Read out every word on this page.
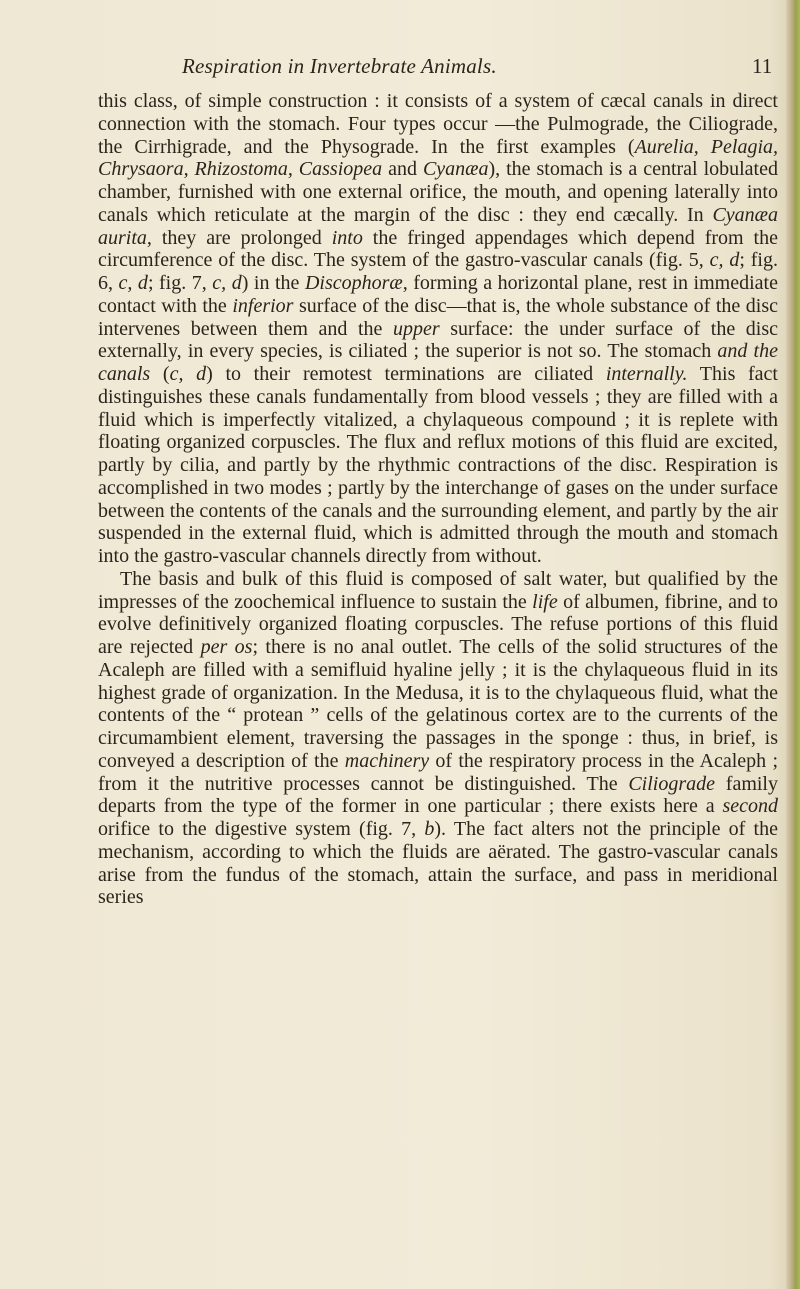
Respiration in Invertebrate Animals.	11

this class, of simple construction : it consists of a system of cæcal canals in direct connection with the stomach. Four types occur —the Pulmograde, the Ciliograde, the Cirrhigrade, and the Physograde. In the first examples (Aurelia, Pelagia, Chrysaora, Rhizostoma, Cassiopea and Cyanæa), the stomach is a central lobulated chamber, furnished with one external orifice, the mouth, and opening laterally into canals which reticulate at the margin of the disc : they end cæcally. In Cyanæa aurita, they are prolonged into the fringed appendages which depend from the circumference of the disc. The system of the gastro-vascular canals (fig. 5, c, d; fig. 6, c, d; fig. 7, c, d) in the Discophoræ, forming a horizontal plane, rest in immediate contact with the inferior surface of the disc—that is, the whole substance of the disc intervenes between them and the upper surface: the under surface of the disc externally, in every species, is ciliated ; the superior is not so. The stomach and the canals (c, d) to their remotest terminations are ciliated internally. This fact distinguishes these canals fundamentally from blood vessels ; they are filled with a fluid which is imperfectly vitalized, a chylaqueous compound ; it is replete with floating organized corpuscles. The flux and reflux motions of this fluid are excited, partly by cilia, and partly by the rhythmic contractions of the disc. Respiration is accomplished in two modes ; partly by the interchange of gases on the under surface between the contents of the canals and the surrounding element, and partly by the air suspended in the external fluid, which is admitted through the mouth and stomach into the gastro-vascular channels directly from without.

The basis and bulk of this fluid is composed of salt water, but qualified by the impresses of the zoochemical influence to sustain the life of albumen, fibrine, and to evolve definitively organized floating corpuscles. The refuse portions of this fluid are rejected per os; there is no anal outlet. The cells of the solid structures of the Acaleph are filled with a semifluid hyaline jelly ; it is the chylaqueous fluid in its highest grade of organization. In the Medusa, it is to the chylaqueous fluid, what the contents of the “ protean ” cells of the gelatinous cortex are to the currents of the circumambient element, traversing the passages in the sponge : thus, in brief, is conveyed a description of the machinery of the respiratory process in the Acaleph ; from it the nutritive processes cannot be distinguished. The Ciliograde family departs from the type of the former in one particular ; there exists here a second orifice to the digestive system (fig. 7, b). The fact alters not the principle of the mechanism, according to which the fluids are aërated. The gastro-vascular canals arise from the fundus of the stomach, attain the surface, and pass in meridional series
